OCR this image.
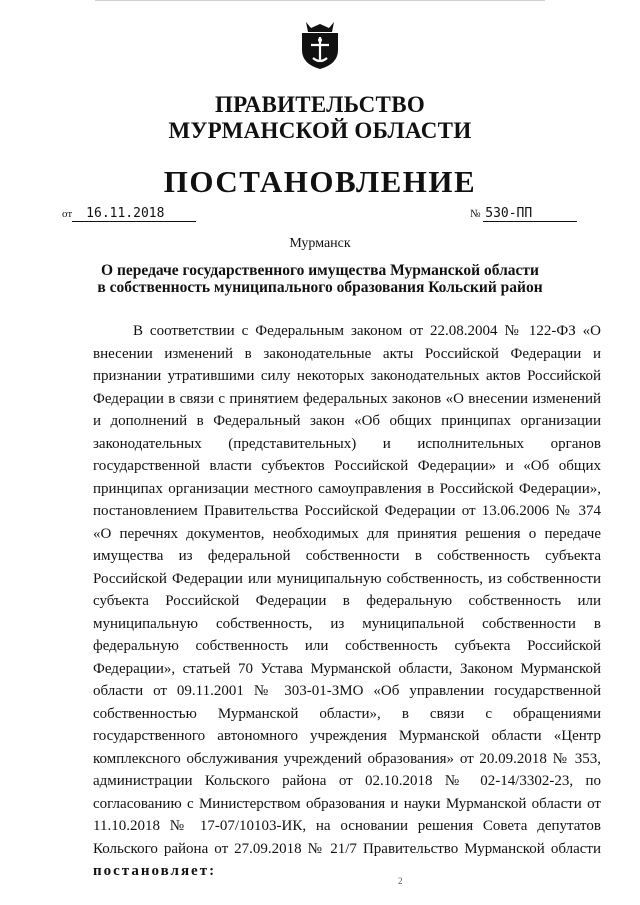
ПРАВИТЕЛЬСТВО
МУРМАНСКОЙ ОБЛАСТИ
ПОСТАНОВЛЕНИЕ
от 16.11.2018	№ 530-ПП
Мурманск
О передаче государственного имущества Мурманской области
в собственность муниципального образования Кольский район
В соответствии с Федеральным законом от 22.08.2004 № 122-ФЗ «О внесении изменений в законодательные акты Российской Федерации и признании утратившими силу некоторых законодательных актов Российской Федерации в связи с принятием федеральных законов «О внесении изменений и дополнений в Федеральный закон «Об общих принципах организации законодательных (представительных) и исполнительных органов государственной власти субъектов Российской Федерации» и «Об общих принципах организации местного самоуправления в Российской Федерации», постановлением Правительства Российской Федерации от 13.06.2006 № 374 «О перечнях документов, необходимых для принятия решения о передаче имущества из федеральной собственности в собственность субъекта Российской Федерации или муниципальную собственность, из собственности субъекта Российской Федерации в федеральную собственность или муниципальную собственность, из муниципальной собственности в федеральную собственность или собственность субъекта Российской Федерации», статьей 70 Устава Мурманской области, Законом Мурманской области от 09.11.2001 № 303-01-ЗМО «Об управлении государственной собственностью Мурманской области», в связи с обращениями государственного автономного учреждения Мурманской области «Центр комплексного обслуживания учреждений образования» от 20.09.2018 № 353, администрации Кольского района от 02.10.2018 № 02-14/3302-23, по согласованию с Министерством образования и науки Мурманской области от 11.10.2018 № 17-07/10103-ИК, на основании решения Совета депутатов Кольского района от 27.09.2018 № 21/7 Правительство Мурманской области постановляет:
2
